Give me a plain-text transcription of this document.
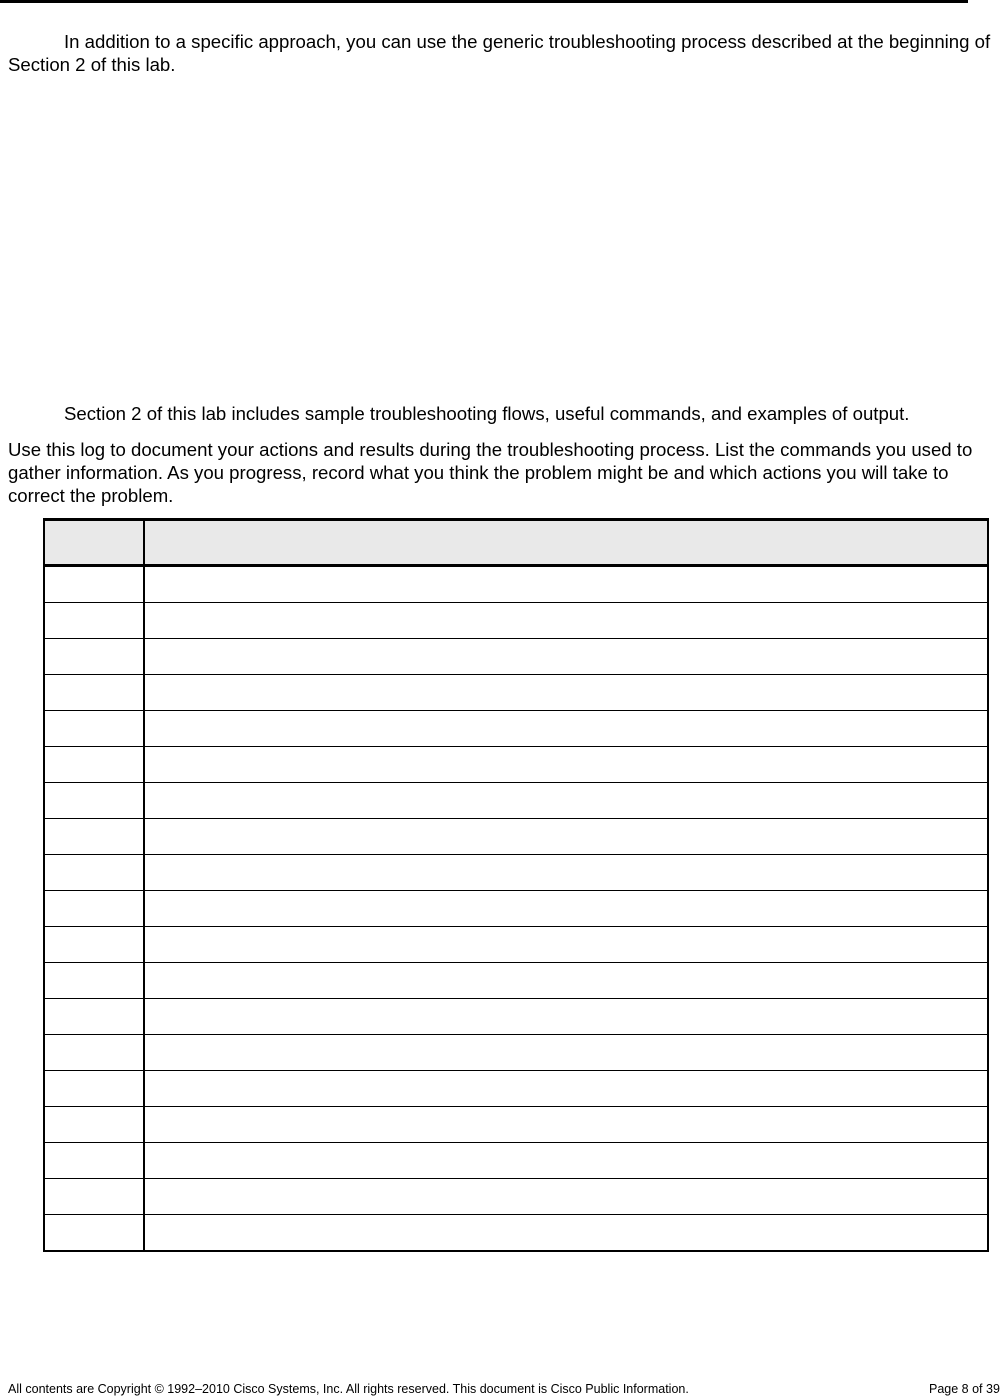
In addition to a specific approach, you can use the generic troubleshooting process described at the beginning of Section 2 of this lab.

Section 2 of this lab includes sample troubleshooting flows, useful commands, and examples of output.

Use this log to document your actions and results during the troubleshooting process. List the commands you used to gather information. As you progress, record what you think the problem might be and which actions you will take to correct the problem.

All contents are Copyright © 1992–2010 Cisco Systems, Inc. All rights reserved. This document is Cisco Public Information.	Page 8 of 39
